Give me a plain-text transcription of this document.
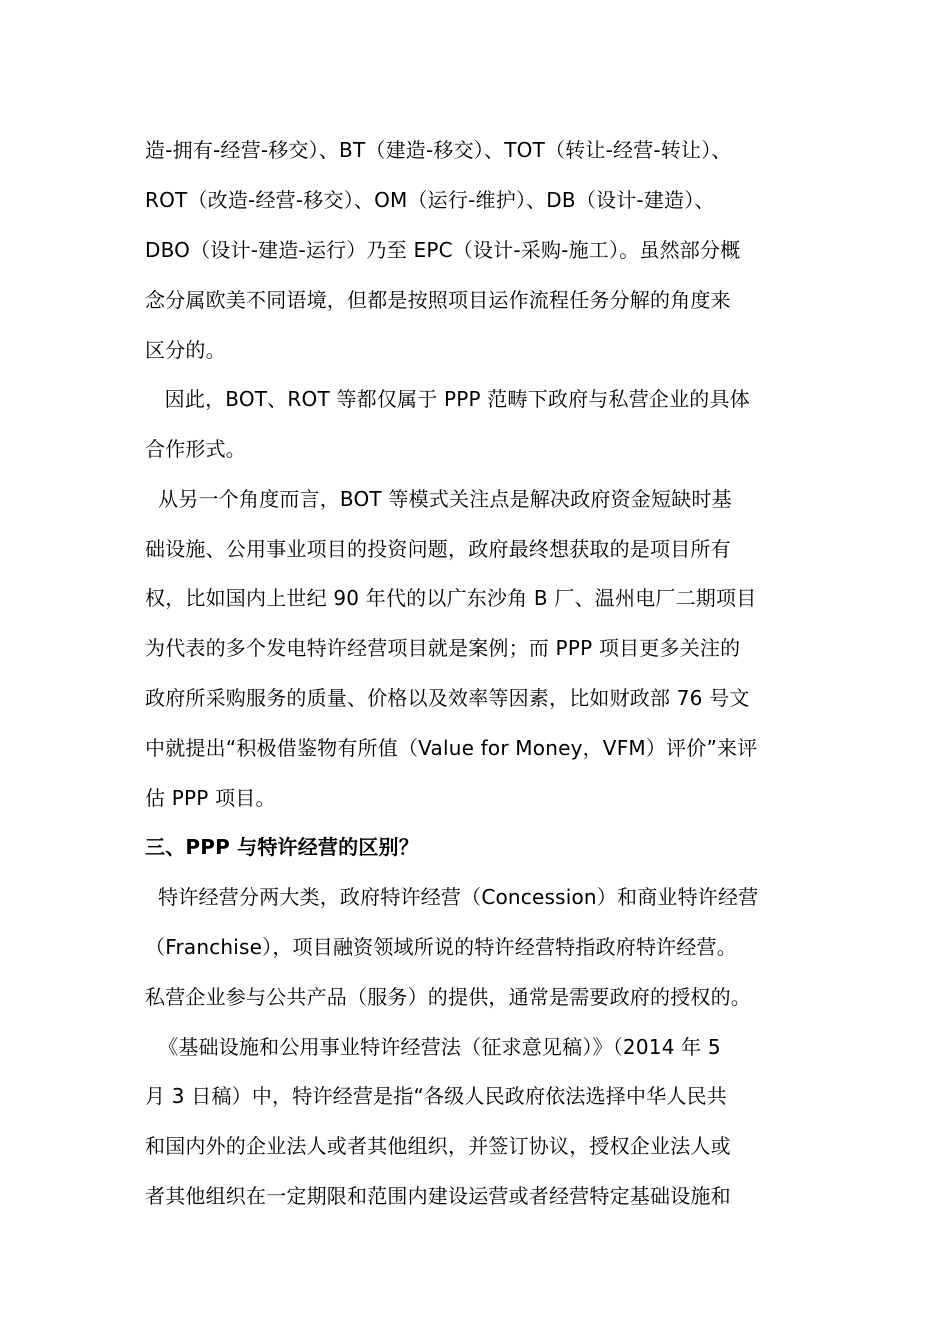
造-拥有-经营-移交）、BT（建造-移交）、TOT（转让-经营-转让）、
ROT（改造-经营-移交）、OM（运行-维护）、DB（设计-建造）、
DBO（设计-建造-运行）乃至 EPC（设计-采购-施工）。虽然部分概
念分属欧美不同语境，但都是按照项目运作流程任务分解的角度来
区分的。
因此，BOT、ROT 等都仅属于 PPP 范畴下政府与私营企业的具体
合作形式。
从另一个角度而言，BOT 等模式关注点是解决政府资金短缺时基
础设施、公用事业项目的投资问题，政府最终想获取的是项目所有
权，比如国内上世纪 90 年代的以广东沙角 B 厂、温州电厂二期项目
为代表的多个发电特许经营项目就是案例；而 PPP 项目更多关注的
政府所采购服务的质量、价格以及效率等因素，比如财政部 76 号文
中就提出“积极借鉴物有所值（Value for Money，VFM）评价”来评
估 PPP 项目。
三、PPP 与特许经营的区别？
特许经营分两大类，政府特许经营（Concession）和商业特许经营
（Franchise），项目融资领域所说的特许经营特指政府特许经营。
私营企业参与公共产品（服务）的提供，通常是需要政府的授权的。
《基础设施和公用事业特许经营法（征求意见稿）》（2014 年 5
月 3 日稿）中，特许经营是指“各级人民政府依法选择中华人民共
和国内外的企业法人或者其他组织，并签订协议，授权企业法人或
者其他组织在一定期限和范围内建设运营或者经营特定基础设施和
